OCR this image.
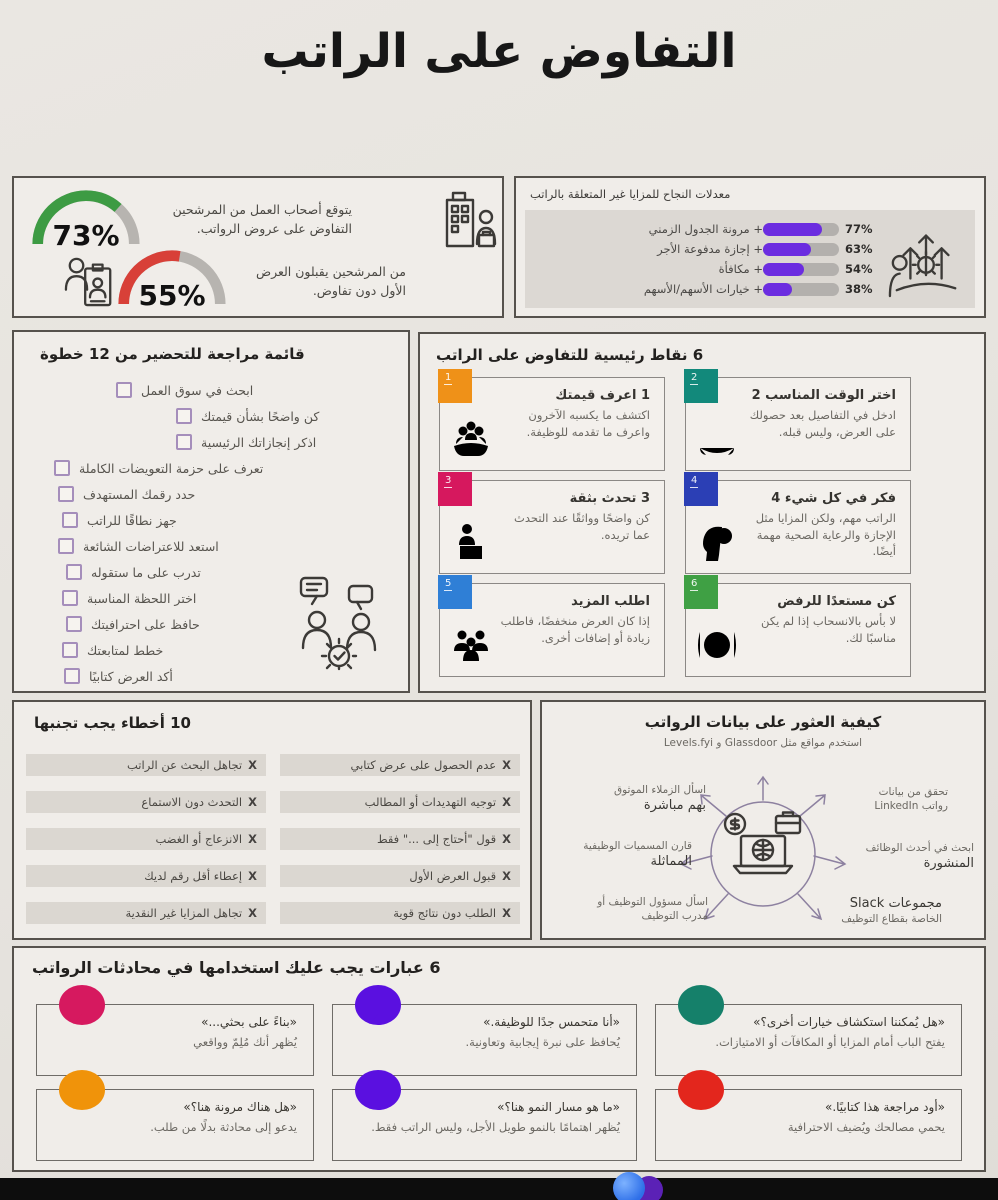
التفاوض على الراتب
73%
يتوقع أصحاب العمل من المرشحين التفاوض على عروض الرواتب.
55%
من المرشحين يقبلون العرض الأول دون تفاوض.
معدلات النجاح للمزايا غير المتعلقة بالراتب
+ مرونة الجدول الزمني	77%
+ إجازة مدفوعة الأجر	63%
+ مكافأة	54%
+ خيارات الأسهم/الأسهم	38%
قائمة مراجعة للتحضير من 12 خطوة
ابحث في سوق العمل
كن واضحًا بشأن قيمتك
اذكر إنجازاتك الرئيسية
تعرف على حزمة التعويضات الكاملة
حدد رقمك المستهدف
جهز نطاقًا للراتب
استعد للاعتراضات الشائعة
تدرب على ما ستقوله
اختر اللحظة المناسبة
حافظ على احترافيتك
خطط لمتابعتك
أكد العرض كتابيًا
6 نقاط رئيسية للتفاوض على الراتب
1
1 اعرف قيمتك
اكتشف ما يكسبه الآخرون واعرف ما تقدمه للوظيفة.
2
اختر الوقت المناسب 2
ادخل في التفاصيل بعد حصولك على العرض، وليس قبله.
3
3 تحدث بثقة
كن واضحًا وواثقًا عند التحدث عما تريده.
4
فكر في كل شيء 4
الراتب مهم، ولكن المزايا مثل الإجازة والرعاية الصحية مهمة أيضًا.
5
اطلب المزيد
إذا كان العرض منخفضًا، فاطلب زيادة أو إضافات أخرى.
6
كن مستعدًا للرفض
لا بأس بالانسحاب إذا لم يكن مناسبًا لك.
10 أخطاء يجب تجنبها
Xتجاهل البحث عن الراتب	Xعدم الحصول على عرض كتابي
Xالتحدث دون الاستماع	Xتوجيه التهديدات أو المطالب
Xالانزعاج أو الغضب	Xقول "أحتاج إلى ..." فقط
Xإعطاء أقل رقم لديك	Xقبول العرض الأول
Xتجاهل المزايا غير النقدية	Xالطلب دون نتائج قوية
كيفية العثور على بيانات الرواتب
استخدم مواقع مثل Glassdoor و Levels.fyi
تحقق من بيانات
رواتب LinkedIn
ابحث في أحدث الوظائف
المنشورة
مجموعات Slack
الخاصة بقطاع التوظيف
اسأل الزملاء الموثوق
بهم مباشرة
قارن المسميات الوظيفية
المماثلة
اسأل مسؤول التوظيف أو
مدرب التوظيف
6 عبارات يجب عليك استخدامها في محادثات الرواتب
«بناءً على بحثي...»
يُظهر أنك مُلِمّ وواقعي
«أنا متحمس جدًا للوظيفة.»
يُحافظ على نبرة إيجابية وتعاونية.
«هل يُمكننا استكشاف خيارات أخرى؟»
يفتح الباب أمام المزايا أو المكافآت أو الامتيازات.
«هل هناك مرونة هنا؟»
يدعو إلى محادثة بدلًا من طلب.
«ما هو مسار النمو هنا؟»
يُظهر اهتمامًا بالنمو طويل الأجل، وليس الراتب فقط.
«أود مراجعة هذا كتابيًا.»
يحمي مصالحك ويُضيف الاحترافية
